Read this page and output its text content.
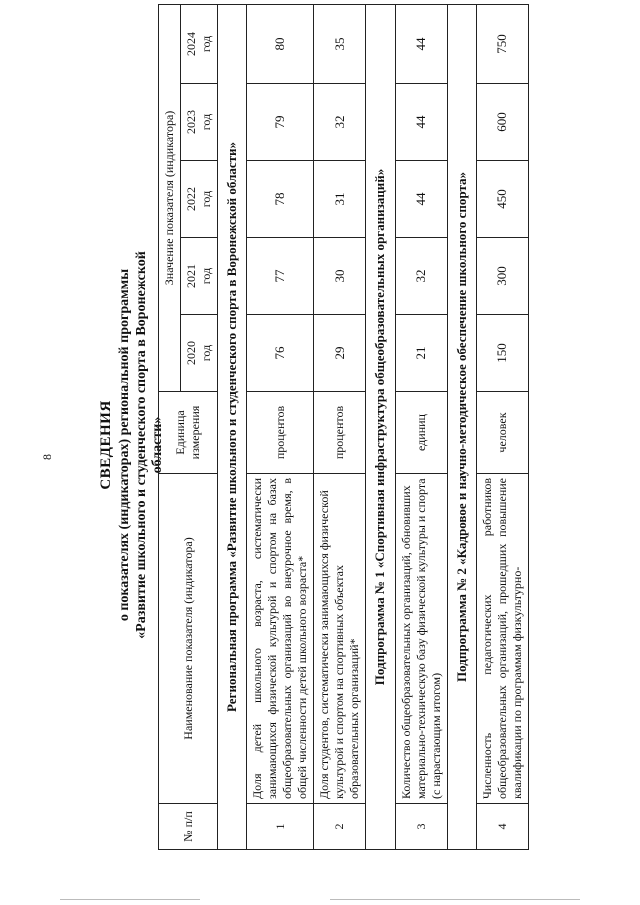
8	СВЕДЕНИЯ о показателях (индикаторах) региональной программы «Развитие школьного и студенческого спорта в Воронежской области»
№ п/п	Наименование показателя (индикатора)	Единица измерения	Значение показателя (индикатора)				

			2020 год	2021 год	2022 год	2023 год	2024 год

Региональная программа «Развитие школьного и студенческого спорта в Воронежской области»							
1	Доля детей школьного возраста, систематически занимающихся физической культурой и спортом на базах общеобразовательных организаций во внеурочное время, в общей численности детей школьного возраста*	процентов	76	77	78	79	80
2	Доля студентов, систематически занимающихся физической культурой и спортом на спортивных объектах образовательных организаций*	процентов	29	30	31	32	35
Подпрограмма № 1 «Спортивная инфраструктура общеобразовательных организаций»							
3	Количество общеобразовательных организаций, обновивших материально-техническую базу физической культуры и спорта (с нарастающим итогом)	единиц	21	32	44	44	44
Подпрограмма № 2 «Кадровое и научно-методическое обеспечение школьного спорта»							
4	Численность педагогических работников общеобразовательных организаций, прошедших повышение квалификации по программам физкультурно-	человек	150	300	450	600	750
